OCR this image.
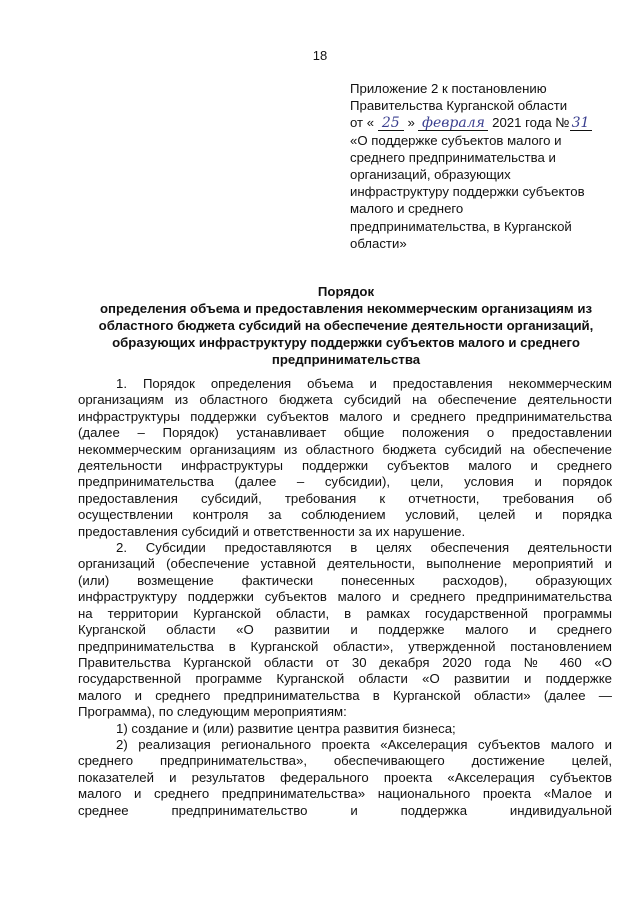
18
Приложение 2 к постановлению
Правительства Курганской области
от « 25 » февраля 2021 года № 31
«О поддержке субъектов малого и
среднего предпринимательства и
организаций, образующих
инфраструктуру поддержки субъектов
малого и среднего
предпринимательства, в Курганской
области»
Порядок
определения объема и предоставления некоммерческим организациям из
областного бюджета субсидий на обеспечение деятельности организаций,
образующих инфраструктуру поддержки субъектов малого и среднего
предпринимательства
1. Порядок определения объема и предоставления некоммерческим
организациям из областного бюджета субсидий на обеспечение деятельности
инфраструктуры поддержки субъектов малого и среднего предпринимательства
(далее – Порядок) устанавливает общие положения о предоставлении
некоммерческим организациям из областного бюджета субсидий на обеспечение
деятельности инфраструктуры поддержки субъектов малого и среднего
предпринимательства (далее – субсидии), цели, условия и порядок
предоставления субсидий, требования к отчетности, требования об
осуществлении контроля за соблюдением условий, целей и порядка
предоставления субсидий и ответственности за их нарушение.
2. Субсидии предоставляются в целях обеспечения деятельности
организаций (обеспечение уставной деятельности, выполнение мероприятий и
(или) возмещение фактически понесенных расходов), образующих
инфраструктуру поддержки субъектов малого и среднего предпринимательства
на территории Курганской области, в рамках государственной программы
Курганской области «О развитии и поддержке малого и среднего
предпринимательства в Курганской области», утвержденной постановлением
Правительства Курганской области от 30 декабря 2020 года № 460 «О
государственной программе Курганской области «О развитии и поддержке
малого и среднего предпринимательства в Курганской области» (далее —
Программа), по следующим мероприятиям:
1) создание и (или) развитие центра развития бизнеса;
2) реализация регионального проекта «Акселерация субъектов малого и
среднего предпринимательства», обеспечивающего достижение целей,
показателей и результатов федерального проекта «Акселерация субъектов
малого и среднего предпринимательства» национального проекта «Малое и
среднее предпринимательство и поддержка индивидуальной
